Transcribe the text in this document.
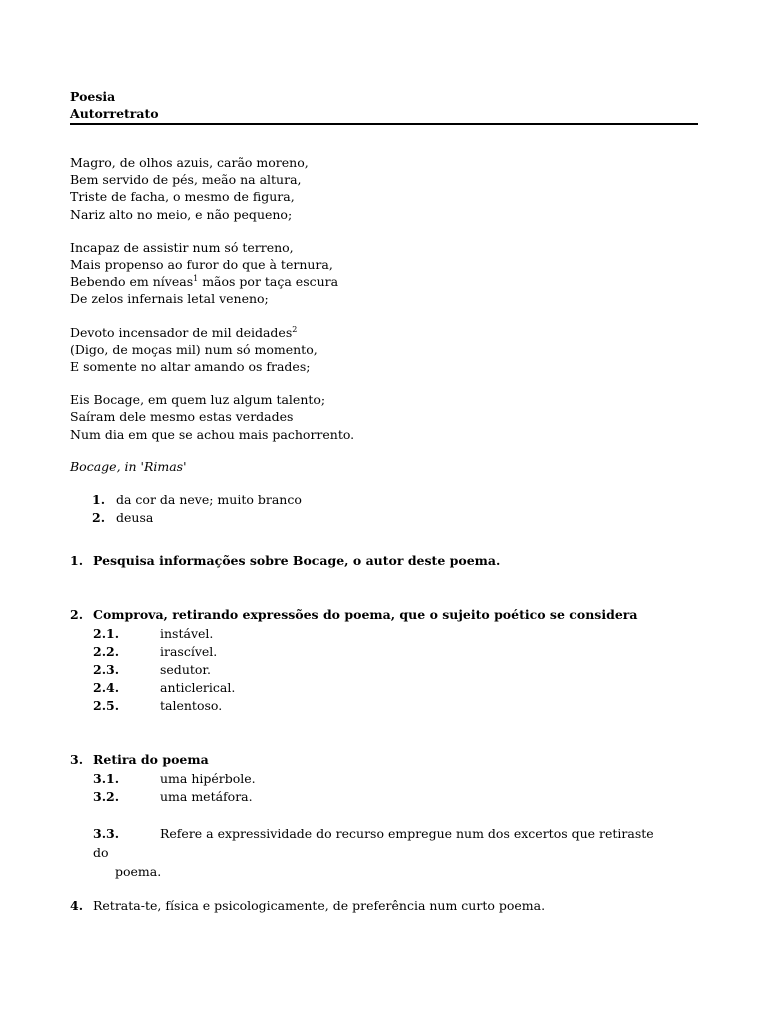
Poesia
Autorretrato
Magro, de olhos azuis, carão moreno,
Bem servido de pés, meão na altura,
Triste de facha, o mesmo de figura,
Nariz alto no meio, e não pequeno;
Incapaz de assistir num só terreno,
Mais propenso ao furor do que à ternura,
Bebendo em níveas$^1$ mãos por taça escura
De zelos infernais letal veneno;
Devoto incensador de mil deidades$^2$
(Digo, de moças mil) num só momento,
E somente no altar amando os frades;
Eis Bocage, em quem luz algum talento;
Saíram dele mesmo estas verdades
Num dia em que se achou mais pachorrento.
Bocage, in 'Rimas'
1. da cor da neve; muito branco
2. deusa
1. Pesquisa informações sobre Bocage, o autor deste poema.
2. Comprova, retirando expressões do poema, que o sujeito poético se considera
2.1.	instável.
2.2.	irascível.
2.3.	sedutor.
2.4.	anticlerical.
2.5.	talentoso.
3. Retira do poema
3.1.	uma hipérbole.
3.2.	uma metáfora.
3.3.	Refere a expressividade do recurso empregue num dos excertos que retiraste do
poema.
4. Retrata-te, física e psicologicamente, de preferência num curto poema.
